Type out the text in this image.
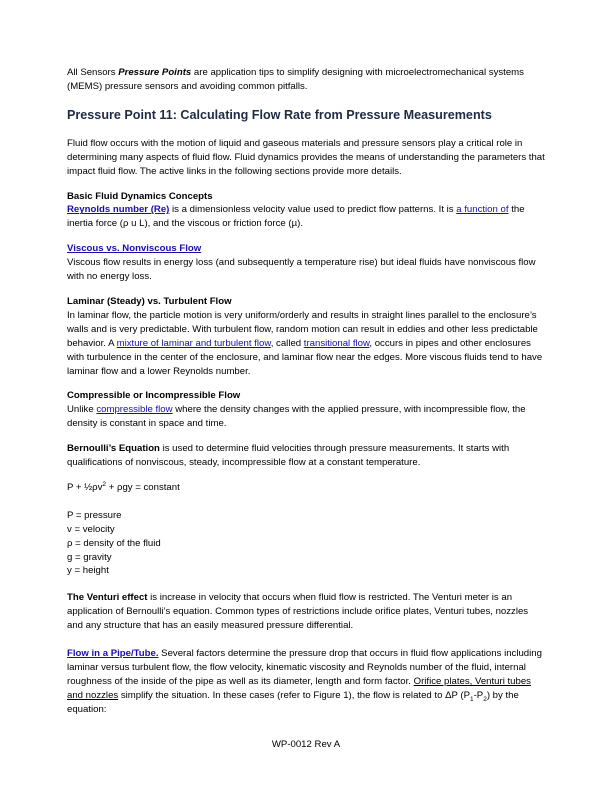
All Sensors Pressure Points are application tips to simplify designing with microelectromechanical systems (MEMS) pressure sensors and avoiding common pitfalls.

Pressure Point 11: Calculating Flow Rate from Pressure Measurements

Fluid flow occurs with the motion of liquid and gaseous materials and pressure sensors play a critical role in determining many aspects of fluid flow. Fluid dynamics provides the means of understanding the parameters that impact fluid flow. The active links in the following sections provide more details.

Basic Fluid Dynamics Concepts

Reynolds number (Re) is a dimensionless velocity value used to predict flow patterns. It is a function of the inertia force (ρ u L), and the viscous or friction force (µ).

Viscous vs. Nonviscous Flow

Viscous flow results in energy loss (and subsequently a temperature rise) but ideal fluids have nonviscous flow with no energy loss.

Laminar (Steady) vs. Turbulent Flow

In laminar flow, the particle motion is very uniform/orderly and results in straight lines parallel to the enclosure’s walls and is very predictable. With turbulent flow, random motion can result in eddies and other less predictable behavior. A mixture of laminar and turbulent flow, called transitional flow, occurs in pipes and other enclosures with turbulence in the center of the enclosure, and laminar flow near the edges. More viscous fluids tend to have laminar flow and a lower Reynolds number.

Compressible or Incompressible Flow

Unlike compressible flow where the density changes with the applied pressure, with incompressible flow, the density is constant in space and time.

Bernoulli’s Equation is used to determine fluid velocities through pressure measurements. It starts with qualifications of nonviscous, steady, incompressible flow at a constant temperature.

$P + \frac{1}{2}\rho v^2 + \rho gy$ = constant

P = pressure

v = velocity

ρ = density of the fluid

g = gravity

y = height

The Venturi effect is increase in velocity that occurs when fluid flow is restricted. The Venturi meter is an application of Bernoulli’s equation. Common types of restrictions include orifice plates, Venturi tubes, nozzles and any structure that has an easily measured pressure differential.

Flow in a Pipe/Tube. Several factors determine the pressure drop that occurs in fluid flow applications including laminar versus turbulent flow, the flow velocity, kinematic viscosity and Reynolds number of the fluid, internal roughness of the inside of the pipe as well as its diameter, length and form factor. Orifice plates, Venturi tubes and nozzles simplify the situation. In these cases (refer to Figure 1), the flow is related to ΔP $(P_1-P_2)$ by the equation:

WP-0012 Rev A
